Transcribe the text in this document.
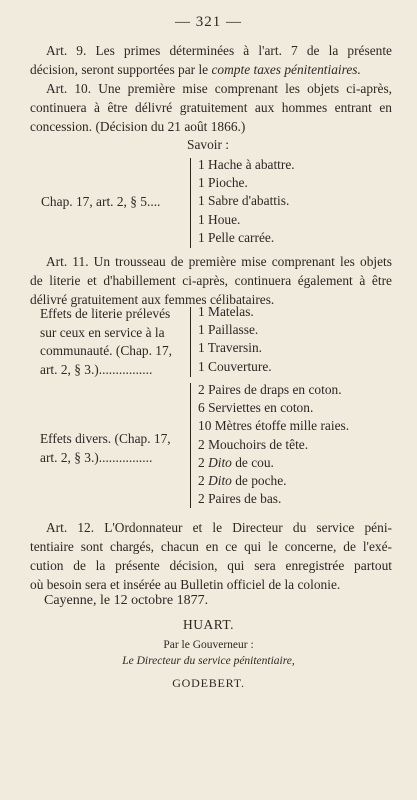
— 321 —
Art. 9. Les primes déterminées à l'art. 7 de la présente
décision, seront supportées par le compte taxes pénitentiaires.
Art. 10. Une première mise comprenant les objets ci-après,
continuera à être délivré gratuitement aux hommes entrant en
concession. (Décision du 21 août 1866.)
Savoir :
Chap. 17, art. 2, § 5....
1 Hache à abattre.
1 Pioche.
1 Sabre d'abattis.
1 Houe.
1 Pelle carrée.
Art. 11. Un trousseau de première mise comprenant les objets
de literie et d'habillement ci-après, continuera également à être
délivré gratuitement aux femmes célibataires.
Effets de literie prélevés
sur ceux en service à la
communauté. (Chap. 17,
art. 2, § 3.)................
1 Matelas.
1 Paillasse.
1 Traversin.
1 Couverture.
Effets divers. (Chap. 17,
art. 2, § 3.)................
2 Paires de draps en coton.
6 Serviettes en coton.
10 Mètres étoffe mille raies.
2 Mouchoirs de tête.
2 Dito de cou.
2 Dito de poche.
2 Paires de bas.
Art. 12. L'Ordonnateur et le Directeur du service péni-
tentiaire sont chargés, chacun en ce qui le concerne, de l'exé-
cution de la présente décision, qui sera enregistrée partout
où besoin sera et insérée au Bulletin officiel de la colonie.
Cayenne, le 12 octobre 1877.
HUART.
Par le Gouverneur :
Le Directeur du service pénitentiaire,
GODEBERT.
